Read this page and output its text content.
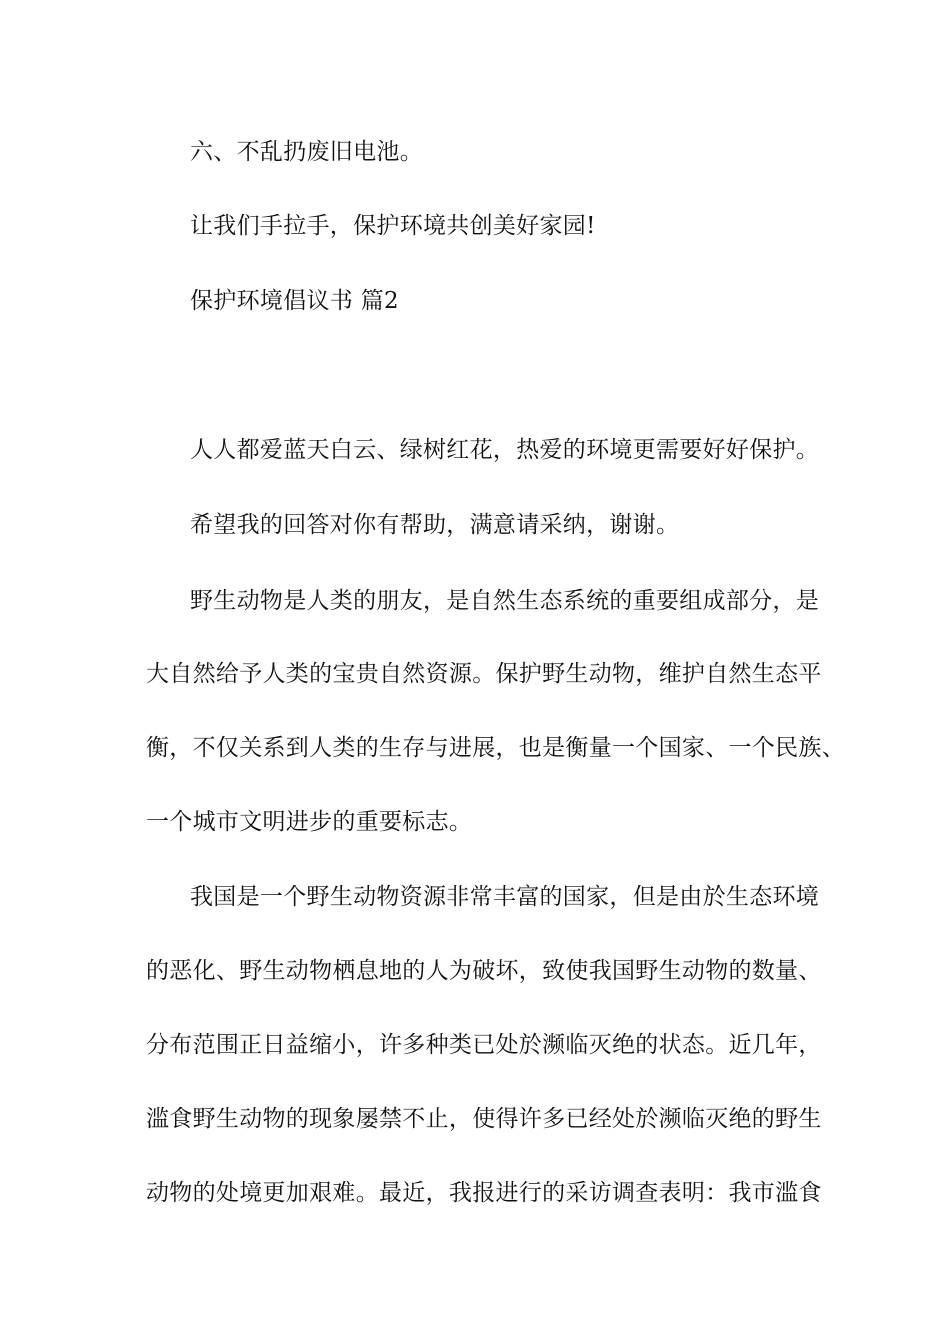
六、不乱扔废旧电池。
让我们手拉手，保护环境共创美好家园!
保护环境倡议书 篇2
人人都爱蓝天白云、绿树红花，热爱的环境更需要好好保护。
希望我的回答对你有帮助，满意请采纳，谢谢。
野生动物是人类的朋友，是自然生态系统的重要组成部分，是
大自然给予人类的宝贵自然资源。保护野生动物，维护自然生态平
衡，不仅关系到人类的生存与进展，也是衡量一个国家、一个民族、
一个城市文明进步的重要标志。
我国是一个野生动物资源非常丰富的国家，但是由於生态环境
的恶化、野生动物栖息地的人为破坏，致使我国野生动物的数量、
分布范围正日益缩小，许多种类已处於濒临灭绝的状态。近几年，
滥食野生动物的现象屡禁不止，使得许多已经处於濒临灭绝的野生
动物的处境更加艰难。最近，我报进行的采访调查表明：我市滥食
